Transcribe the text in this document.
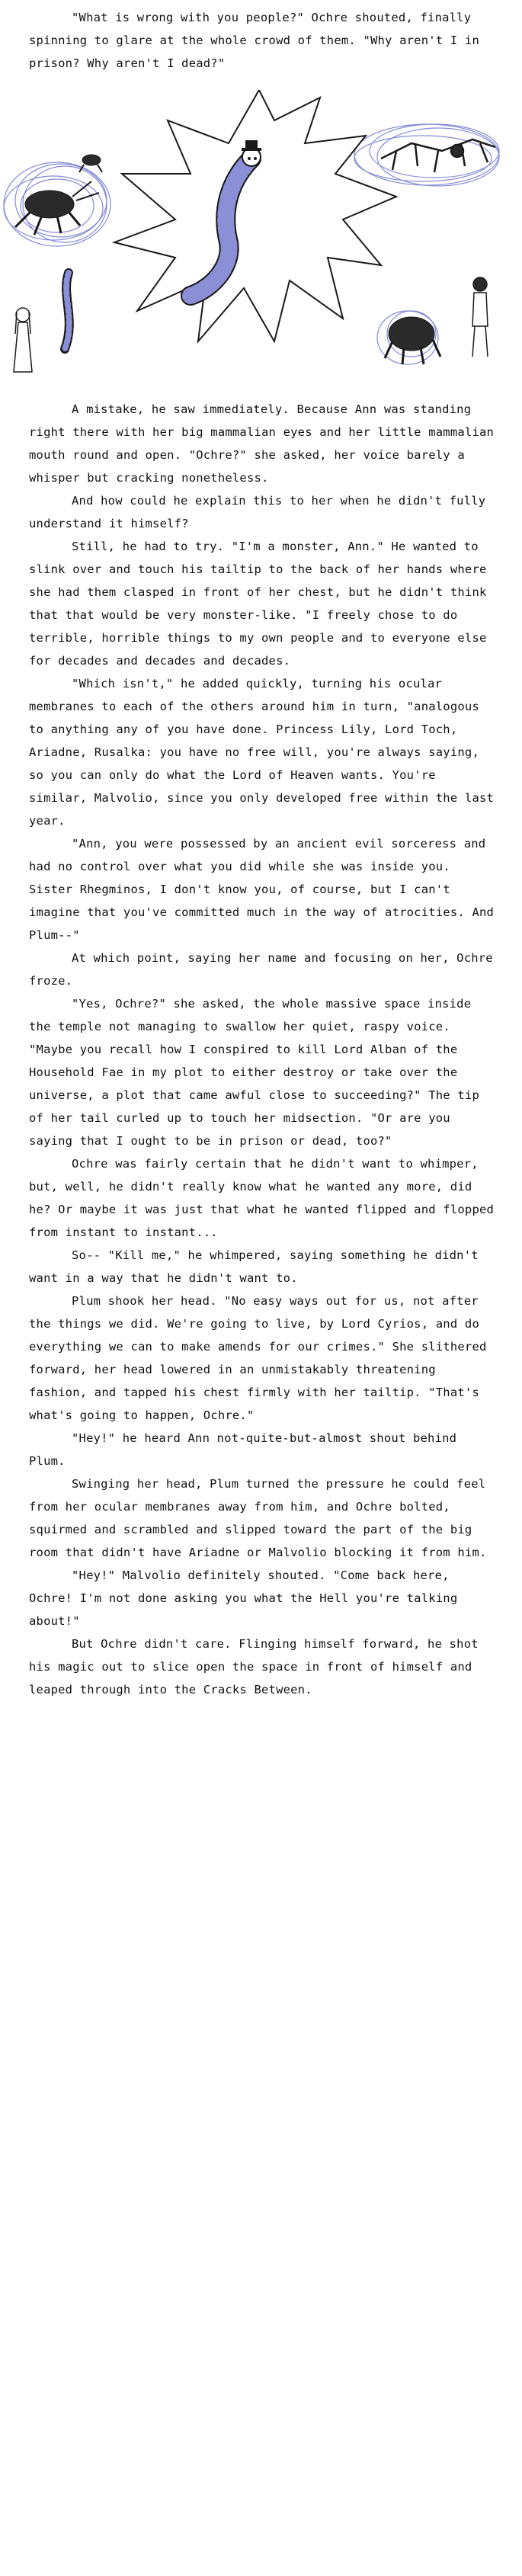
"What is wrong with you people?" Ochre shouted, finally spinning to glare at the whole crowd of them. "Why aren't I in prison? Why aren't I dead?"

A mistake, he saw immediately. Because Ann was standing right there with her big mammalian eyes and her little mammalian mouth round and open. "Ochre?" she asked, her voice barely a whisper but cracking nonetheless.

And how could he explain this to her when he didn't fully understand it himself?

Still, he had to try. "I'm a monster, Ann." He wanted to slink over and touch his tailtip to the back of her hands where she had them clasped in front of her chest, but he didn't think that that would be very monster-like. "I freely chose to do terrible, horrible things to my own people and to everyone else for decades and decades and decades.

"Which isn't," he added quickly, turning his ocular membranes to each of the others around him in turn, "analogous to anything any of you have done. Princess Lily, Lord Toch, Ariadne, Rusalka: you have no free will, you're always saying, so you can only do what the Lord of Heaven wants. You're similar, Malvolio, since you only developed free within the last year.

"Ann, you were possessed by an ancient evil sorceress and had no control over what you did while she was inside you. Sister Rhegminos, I don't know you, of course, but I can't imagine that you've committed much in the way of atrocities. And Plum--"

At which point, saying her name and focusing on her, Ochre froze.

"Yes, Ochre?" she asked, the whole massive space inside the temple not managing to swallow her quiet, raspy voice. "Maybe you recall how I conspired to kill Lord Alban of the Household Fae in my plot to either destroy or take over the universe, a plot that came awful close to succeeding?" The tip of her tail curled up to touch her midsection. "Or are you saying that I ought to be in prison or dead, too?"

Ochre was fairly certain that he didn't want to whimper, but, well, he didn't really know what he wanted any more, did he? Or maybe it was just that what he wanted flipped and flopped from instant to instant...

So-- "Kill me," he whimpered, saying something he didn't want in a way that he didn't want to.

Plum shook her head. "No easy ways out for us, not after the things we did. We're going to live, by Lord Cyrios, and do everything we can to make amends for our crimes." She slithered forward, her head lowered in an unmistakably threatening fashion, and tapped his chest firmly with her tailtip. "That's what's going to happen, Ochre."

"Hey!" he heard Ann not-quite-but-almost shout behind Plum.

Swinging her head, Plum turned the pressure he could feel from her ocular membranes away from him, and Ochre bolted, squirmed and scrambled and slipped toward the part of the big room that didn't have Ariadne or Malvolio blocking it from him.

"Hey!" Malvolio definitely shouted. "Come back here, Ochre! I'm not done asking you what the Hell you're talking about!"

But Ochre didn't care. Flinging himself forward, he shot his magic out to slice open the space in front of himself and leaped through into the Cracks Between.
